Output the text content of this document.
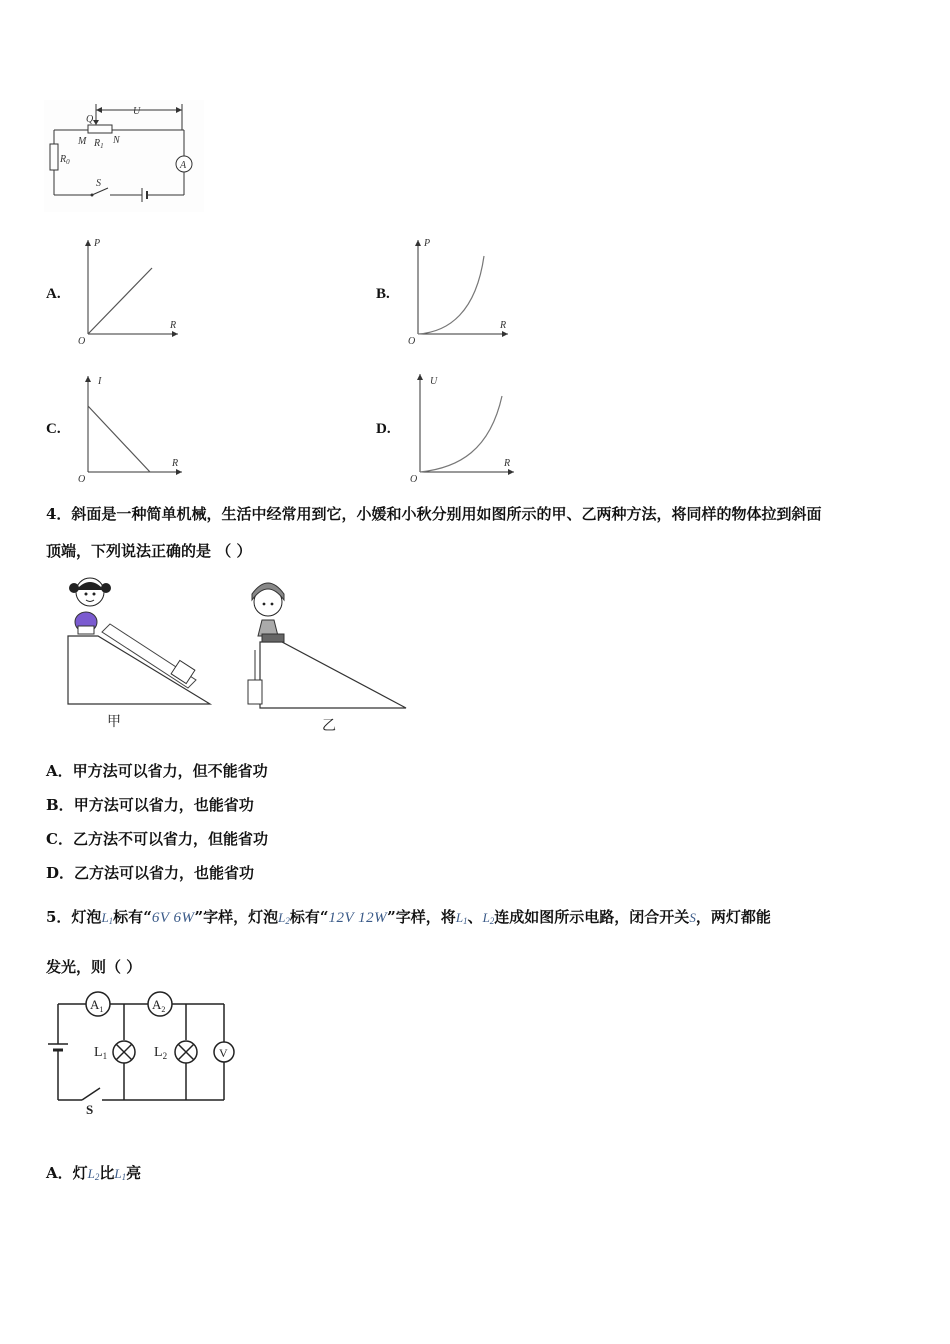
U
Q
M $R_1$ N
$R_0$	A
S
A.
P
R
O
B.
P
R
O
C.
I
R
O
D.
U
R
O
4．斜面是一种简单机械，生活中经常用到它，小媛和小秋分别用如图所示的甲、乙两种方法，将同样的物体拉到斜面
顶端，下列说法正确的是 （ ）
甲	乙
A．甲方法可以省力，但不能省功
B．甲方法可以省力，也能省功
C．乙方法不可以省力，但能省功
D．乙方法可以省力，也能省功
5．灯泡$L_1$标有“6V 6W”字样，灯泡$L_2$标有“12V 12W”字样，将$L_1$、$L_2$连成如图所示电路，闭合开关S，两灯都能
发光，则（ ）
$A_1$	$A_2$
S
$L_1$	$L_2$	V
A．灯$L_2$比$L_1$亮
